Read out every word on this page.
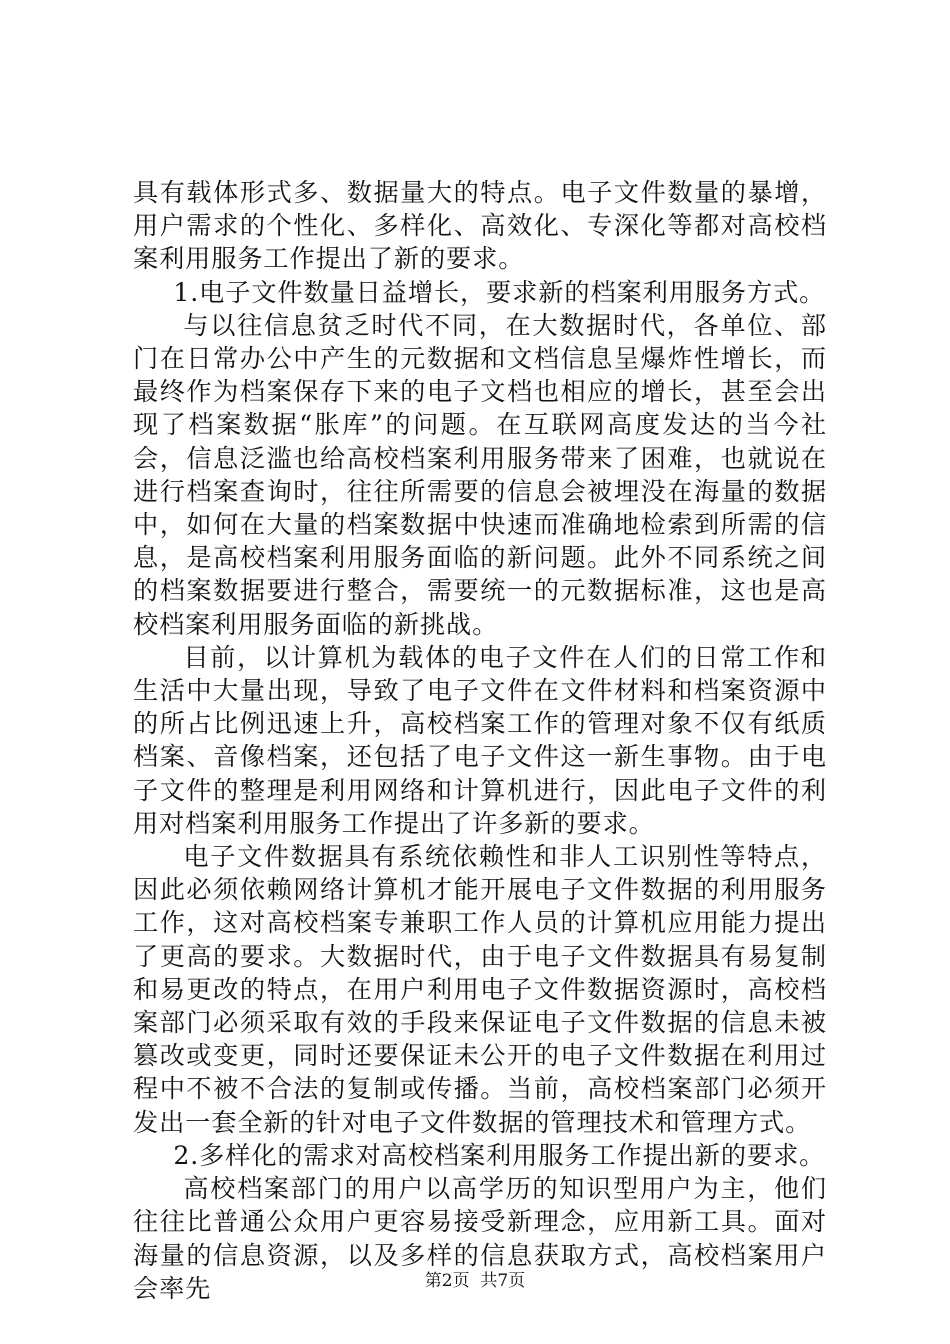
具有载体形式多、数据量大的特点。电子文件数量的暴增，用户需求的个性化、多样化、高效化、专深化等都对高校档案利用服务工作提出了新的要求。

1.电子文件数量日益增长，要求新的档案利用服务方式。

与以往信息贫乏时代不同，在大数据时代，各单位、部门在日常办公中产生的元数据和文档信息呈爆炸性增长，而最终作为档案保存下来的电子文档也相应的增长，甚至会出现了档案数据“胀库”的问题。在互联网高度发达的当今社会，信息泛滥也给高校档案利用服务带来了困难，也就说在进行档案查询时，往往所需要的信息会被埋没在海量的数据中，如何在大量的档案数据中快速而准确地检索到所需的信息，是高校档案利用服务面临的新问题。此外不同系统之间的档案数据要进行整合，需要统一的元数据标准，这也是高校档案利用服务面临的新挑战。

目前，以计算机为载体的电子文件在人们的日常工作和生活中大量出现，导致了电子文件在文件材料和档案资源中的所占比例迅速上升，高校档案工作的管理对象不仅有纸质档案、音像档案，还包括了电子文件这一新生事物。由于电子文件的整理是利用网络和计算机进行，因此电子文件的利用对档案利用服务工作提出了许多新的要求。

电子文件数据具有系统依赖性和非人工识别性等特点，因此必须依赖网络计算机才能开展电子文件数据的利用服务工作，这对高校档案专兼职工作人员的计算机应用能力提出了更高的要求。大数据时代，由于电子文件数据具有易复制和易更改的特点，在用户利用电子文件数据资源时，高校档案部门必须采取有效的手段来保证电子文件数据的信息未被篡改或变更，同时还要保证未公开的电子文件数据在利用过程中不被不合法的复制或传播。当前，高校档案部门必须开发出一套全新的针对电子文件数据的管理技术和管理方式。

2.多样化的需求对高校档案利用服务工作提出新的要求。

高校档案部门的用户以高学历的知识型用户为主，他们往往比普通公众用户更容易接受新理念，应用新工具。面对海量的信息资源，以及多样的信息获取方式，高校档案用户会率先	第2页  共7页
